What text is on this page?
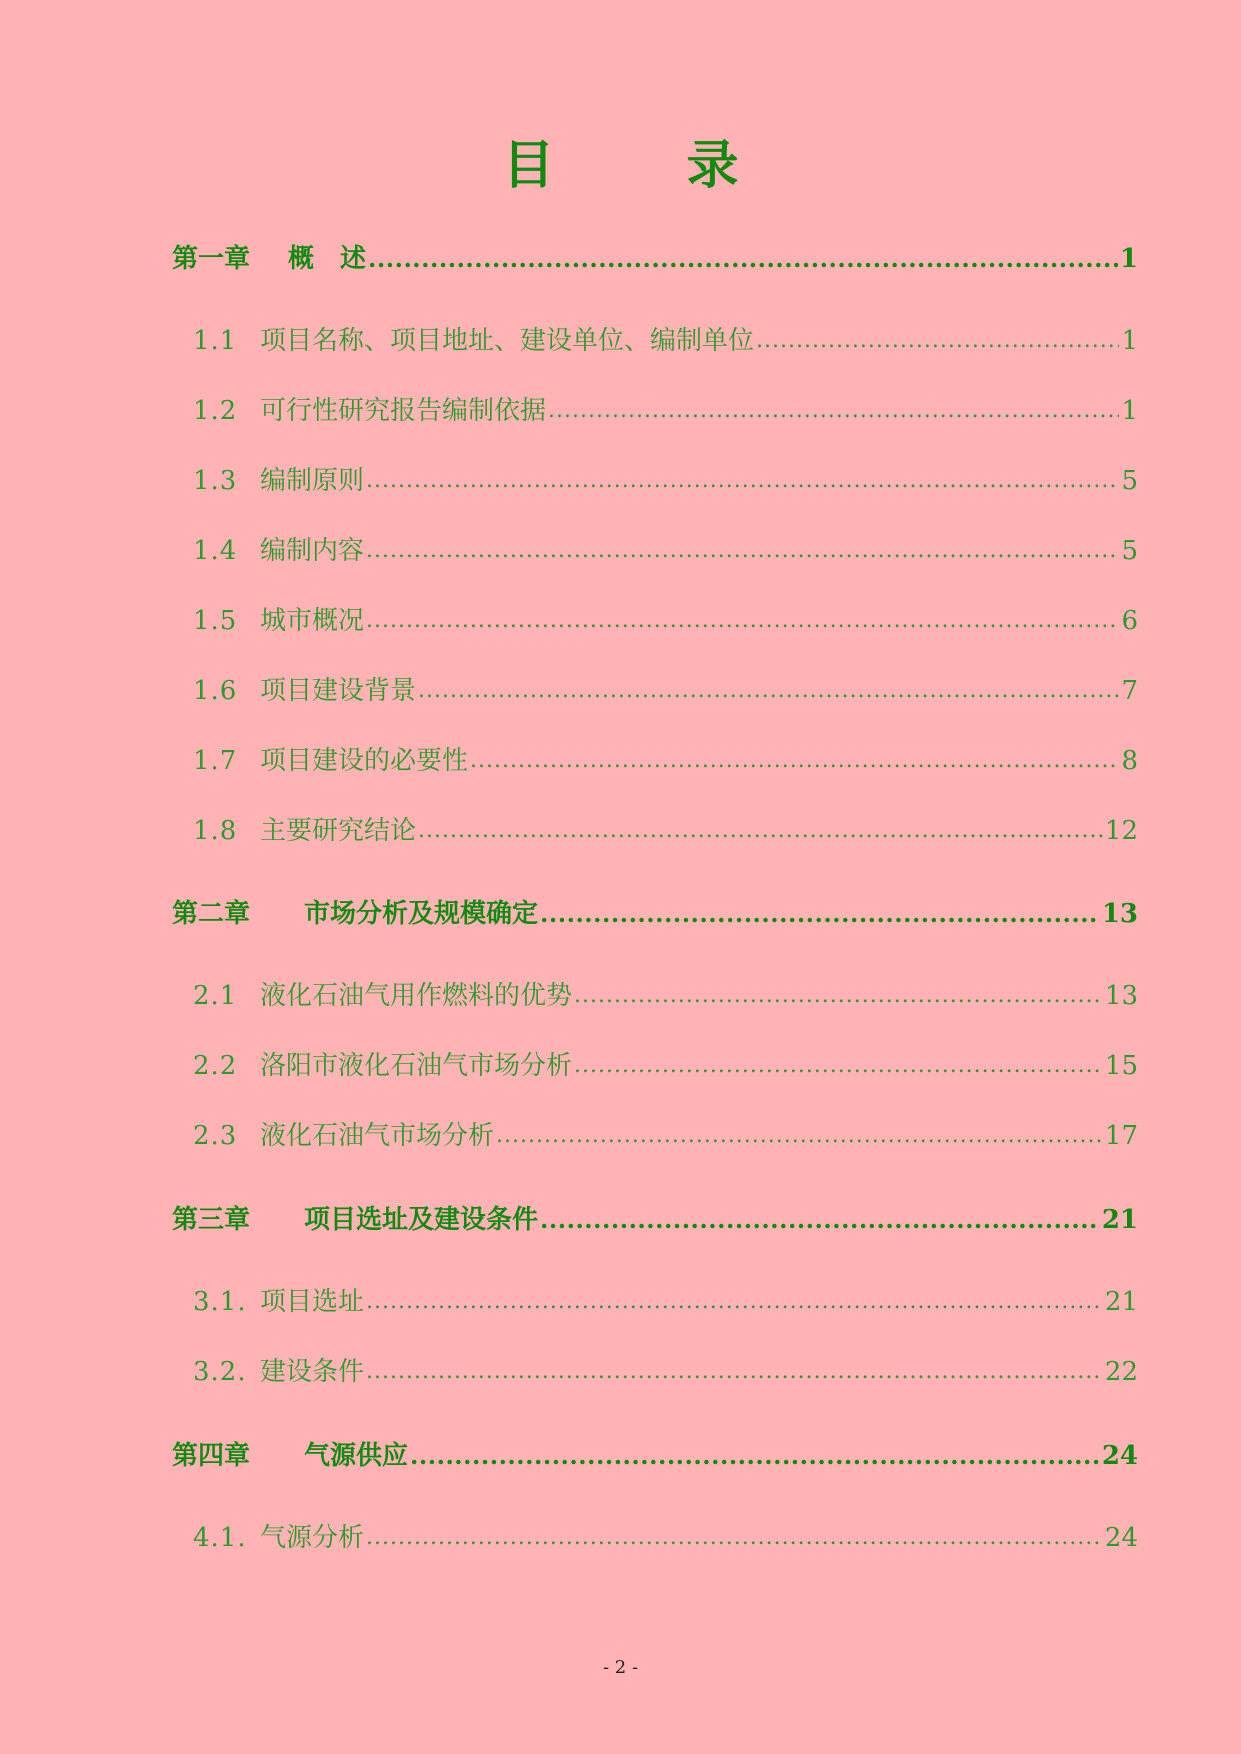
目　录
第一章	概　述 .....	1
1.1 项目名称、项目地址、建设单位、编制单位 .....	1
1.2 可行性研究报告编制依据 .....	1
1.3 编制原则 .....	5
1.4 编制内容 .....	5
1.5 城市概况 .....	6
1.6 项目建设背景 .....	7
1.7 项目建设的必要性 .....	8
1.8 主要研究结论 .....	12
第二章	市场分析及规模确定 .....	13
2.1 液化石油气用作燃料的优势 .....	13
2.2 洛阳市液化石油气市场分析 .....	15
2.3 液化石油气市场分析 .....	17
第三章	项目选址及建设条件 .....	21
3.1. 项目选址 .....	21
3.2. 建设条件 .....	22
第四章	气源供应 .....	24
4.1. 气源分析 .....	24
- 2 -
